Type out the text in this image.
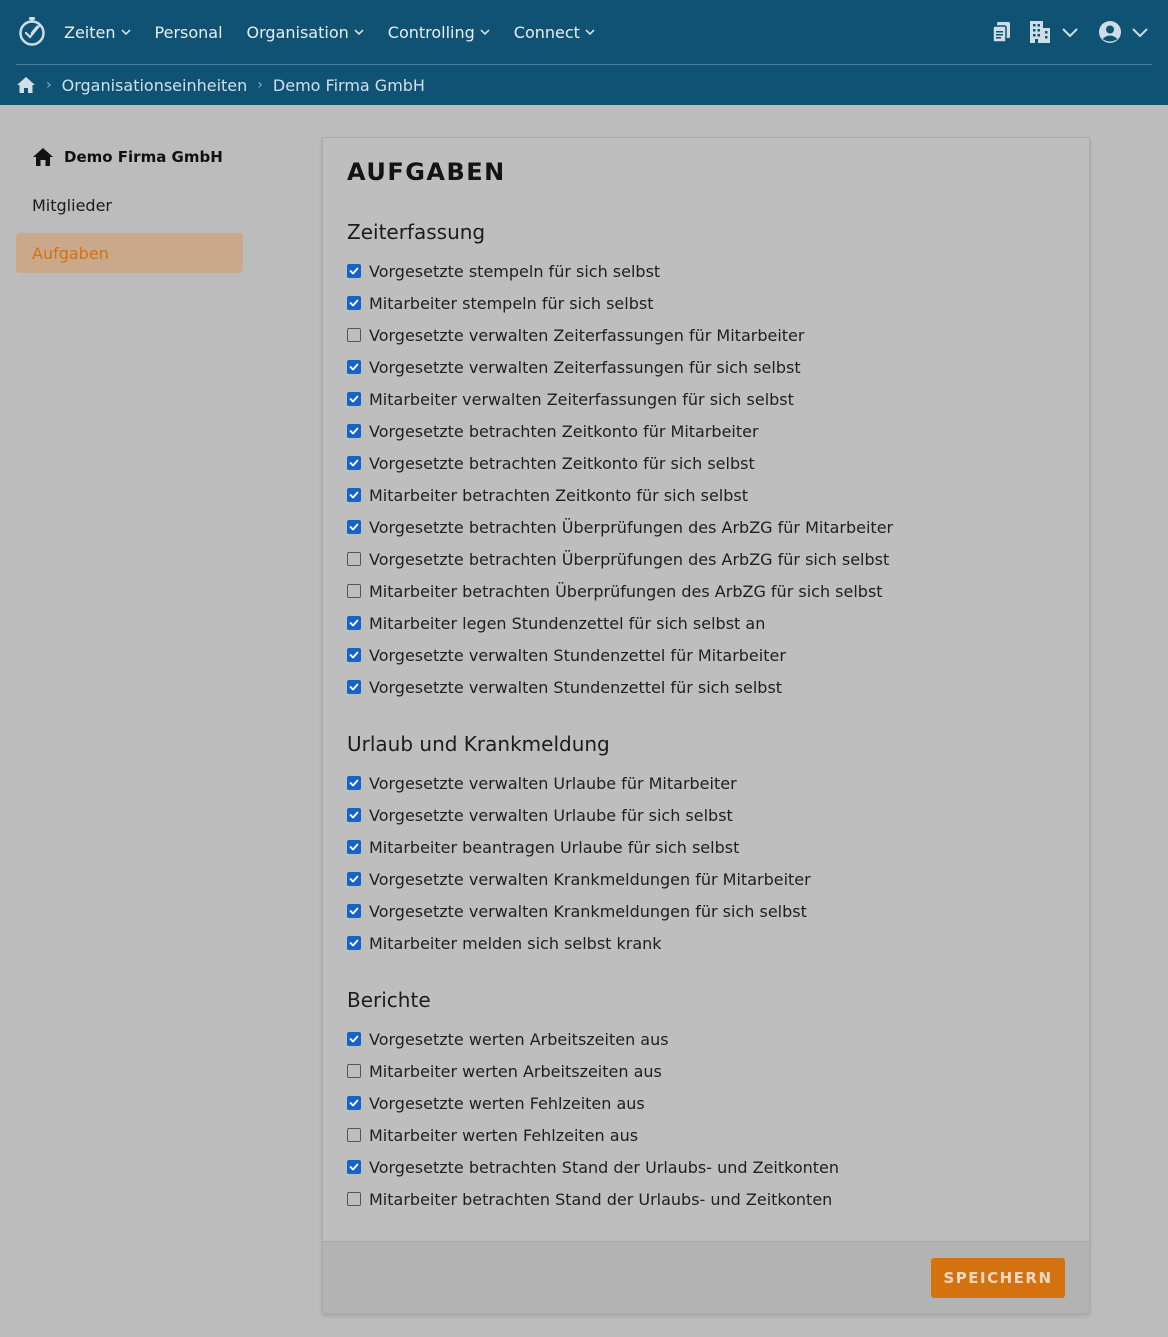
Zeiten Personal Organisation Controlling Connect
› Organisationseinheiten › Demo Firma GmbH
Demo Firma GmbH
Mitglieder
Aufgaben
AUFGABEN
Zeiterfassung
Vorgesetzte stempeln für sich selbst
Mitarbeiter stempeln für sich selbst
Vorgesetzte verwalten Zeiterfassungen für Mitarbeiter
Vorgesetzte verwalten Zeiterfassungen für sich selbst
Mitarbeiter verwalten Zeiterfassungen für sich selbst
Vorgesetzte betrachten Zeitkonto für Mitarbeiter
Vorgesetzte betrachten Zeitkonto für sich selbst
Mitarbeiter betrachten Zeitkonto für sich selbst
Vorgesetzte betrachten Überprüfungen des ArbZG für Mitarbeiter
Vorgesetzte betrachten Überprüfungen des ArbZG für sich selbst
Mitarbeiter betrachten Überprüfungen des ArbZG für sich selbst
Mitarbeiter legen Stundenzettel für sich selbst an
Vorgesetzte verwalten Stundenzettel für Mitarbeiter
Vorgesetzte verwalten Stundenzettel für sich selbst
Urlaub und Krankmeldung
Vorgesetzte verwalten Urlaube für Mitarbeiter
Vorgesetzte verwalten Urlaube für sich selbst
Mitarbeiter beantragen Urlaube für sich selbst
Vorgesetzte verwalten Krankmeldungen für Mitarbeiter
Vorgesetzte verwalten Krankmeldungen für sich selbst
Mitarbeiter melden sich selbst krank
Berichte
Vorgesetzte werten Arbeitszeiten aus
Mitarbeiter werten Arbeitszeiten aus
Vorgesetzte werten Fehlzeiten aus
Mitarbeiter werten Fehlzeiten aus
Vorgesetzte betrachten Stand der Urlaubs- und Zeitkonten
Mitarbeiter betrachten Stand der Urlaubs- und Zeitkonten
SPEICHERN
